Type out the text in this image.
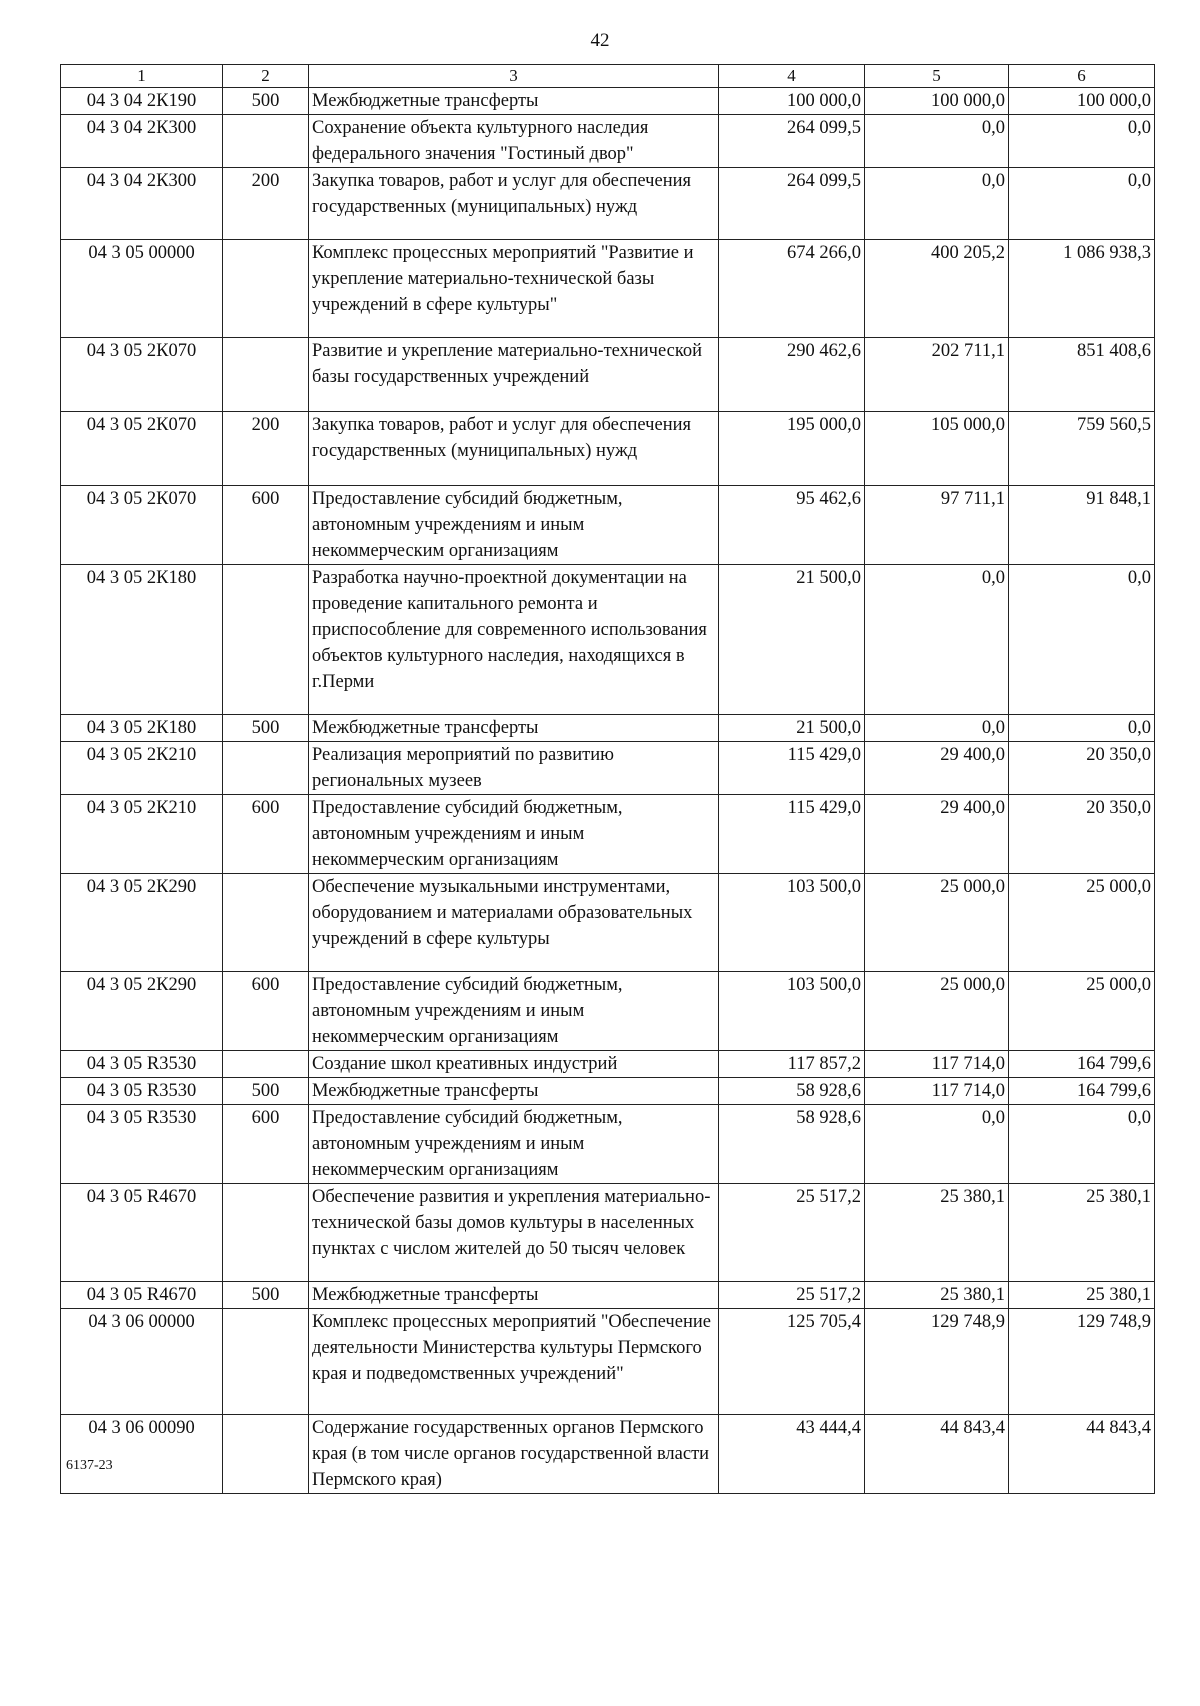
42
1	2	3	4	5	6
04 3 04 2К190	500	Межбюджетные трансферты	100 000,0	100 000,0	100 000,0
04 3 04 2К300		Сохранение объекта культурного наследия федерального значения "Гостиный двор"	264 099,5	0,0	0,0
04 3 04 2К300	200	Закупка товаров, работ и услуг для обеспечения государственных (муниципальных) нужд	264 099,5	0,0	0,0
04 3 05 00000		Комплекс процессных мероприятий "Развитие и укрепление материально-технической базы учреждений в сфере культуры"	674 266,0	400 205,2	1 086 938,3
04 3 05 2К070		Развитие и укрепление материально-технической базы государственных учреждений	290 462,6	202 711,1	851 408,6
04 3 05 2К070	200	Закупка товаров, работ и услуг для обеспечения государственных (муниципальных) нужд	195 000,0	105 000,0	759 560,5
04 3 05 2К070	600	Предоставление субсидий бюджетным, автономным учреждениям и иным некоммерческим организациям	95 462,6	97 711,1	91 848,1
04 3 05 2К180		Разработка научно-проектной документации на проведение капитального ремонта и приспособление для современного использования объектов культурного наследия, находящихся в г.Перми	21 500,0	0,0	0,0
04 3 05 2К180	500	Межбюджетные трансферты	21 500,0	0,0	0,0
04 3 05 2К210		Реализация мероприятий по развитию региональных музеев	115 429,0	29 400,0	20 350,0
04 3 05 2К210	600	Предоставление субсидий бюджетным, автономным учреждениям и иным некоммерческим организациям	115 429,0	29 400,0	20 350,0
04 3 05 2К290		Обеспечение музыкальными инструментами, оборудованием и материалами образовательных учреждений в сфере культуры	103 500,0	25 000,0	25 000,0
04 3 05 2К290	600	Предоставление субсидий бюджетным, автономным учреждениям и иным некоммерческим организациям	103 500,0	25 000,0	25 000,0
04 3 05 R3530		Создание школ креативных индустрий	117 857,2	117 714,0	164 799,6
04 3 05 R3530	500	Межбюджетные трансферты	58 928,6	117 714,0	164 799,6
04 3 05 R3530	600	Предоставление субсидий бюджетным, автономным учреждениям и иным некоммерческим организациям	58 928,6	0,0	0,0
04 3 05 R4670		Обеспечение развития и укрепления материально-технической базы домов культуры в населенных пунктах с числом жителей до 50 тысяч человек	25 517,2	25 380,1	25 380,1
04 3 05 R4670	500	Межбюджетные трансферты	25 517,2	25 380,1	25 380,1
04 3 06 00000		Комплекс процессных мероприятий "Обеспечение деятельности Министерства культуры Пермского края и подведомственных учреждений"	125 705,4	129 748,9	129 748,9
04 3 06 00090		Содержание государственных органов Пермского края (в том числе органов государственной власти Пермского края)	43 444,4	44 843,4	44 843,4
6137-23
